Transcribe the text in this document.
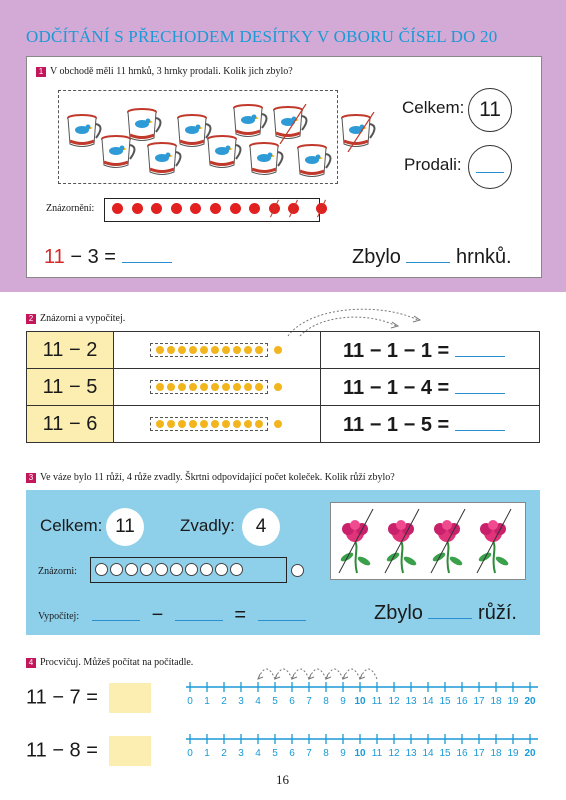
ODČÍTÁNÍ S PŘECHODEM DESÍTKY V OBORU ČÍSEL DO 20
1 V obchodě měli 11 hrnků, 3 hrnky prodali. Kolik jich zbylo?
Celkem: 11
Prodali:
Znázornění:
11 − 3 =	Zbylo	hrnků.
2 Znázorni a vypočítej.
11 − 2		11 − 1 − 1 =
11 − 5		11 − 1 − 4 =
11 − 6		11 − 1 − 5 =
3 Ve váze bylo 11 růží, 4 růže zvadly. Škrtni odpovídající počet koleček. Kolik růží zbylo?
Celkem: 11	Zvadly:	4
Znázorni:
Vypočítej:	−	=	Zbylo	růží.
4 Procvičuj. Můžeš počítat na počítadle.
11 − 7 =
11 − 8 =
0 1 2 3 4 5 6 7 8 9 10 11 12 13 14 15 16 17 18 19 20
0 1 2 3 4 5 6 7 8 9 10 11 12 13 14 15 16 17 18 19 20
16
